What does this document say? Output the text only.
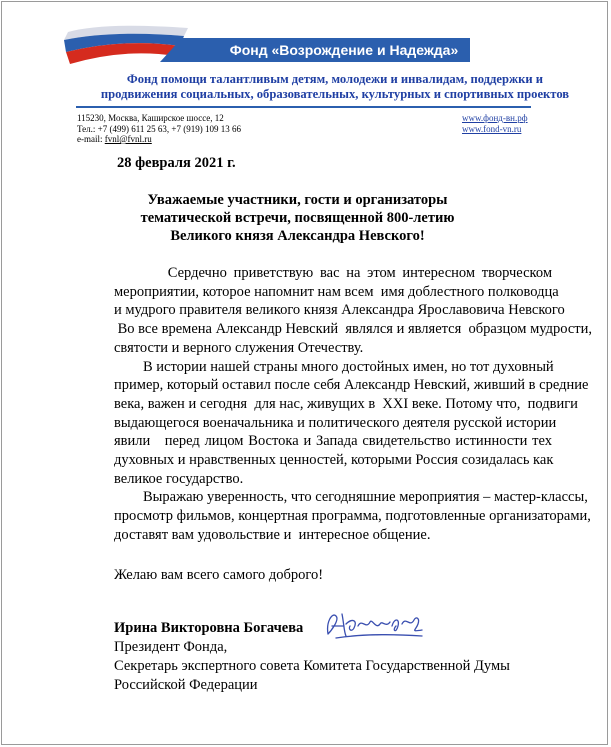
Фонд «Возрождение и Надежда»
Фонд помощи талантливым детям, молодежи и инвалидам, поддержки и
продвижения социальных, образовательных, культурных и спортивных проектов
115230, Москва, Каширское шоссе, 12
Тел.: +7 (499) 611 25 63, +7 (919) 109 13 66
e-mail: fvnl@fvnl.ru
www.фонд-вн.рф
www.fond-vn.ru
28 февраля 2021 г.
Уважаемые участники, гости и организаторы
тематической встречи, посвященной 800-летию
Великого князя Александра Невского!

Сердечно приветствую вас на этом интересном творческом
мероприятии, которое напомнит нам всем  имя доблестного полководца
и мудрого правителя великого князя Александра Ярославовича Невского
Во все времена Александр Невский  являлся и является  образцом мудрости,
святости и верного служения Отечеству.

В истории нашей страны много достойных имен, но тот духовный
пример, который оставил после себя Александр Невский, живший в средние
века, важен и сегодня  для нас, живущих в  XXI веке. Потому что,  подвиги
выдающегося военачальника и политического деятеля русской истории
явили   перед лицом Востока и Запада свидетельство истинности тех
духовных и нравственных ценностей, которыми Россия созидалась как
великое государство.

Выражаю уверенность, что сегодняшние мероприятия – мастер-классы,
просмотр фильмов, концертная программа, подготовленные организаторами,
доставят вам удовольствие и  интересное общение.

Желаю вам всего самого доброго!
Ирина Викторовна Богачева
Президент Фонда,
Секретарь экспертного совета Комитета Государственной Думы
Российской Федерации
